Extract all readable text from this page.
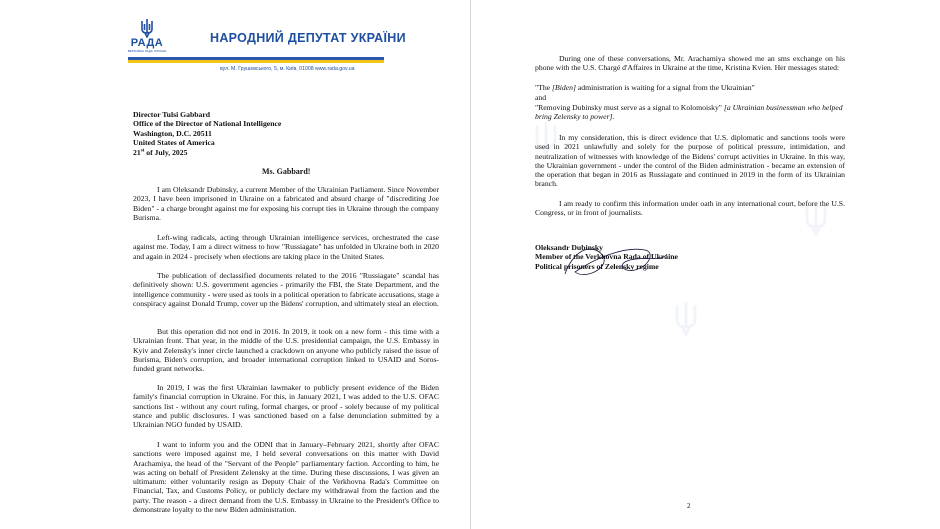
РАДА
ВЕРХОВНА РАДА УКРАЇНИ
НАРОДНИЙ ДЕПУТАТ УКРАЇНИ
вул. М. Грушевського, 5, м. Київ, 01008 www.rada.gov.ua
Director Tulsi Gabbard
Office of the Director of National Intelligence
Washington, D.C. 20511
United States of America
21st of July, 2025
Ms. Gabbard!

I am Oleksandr Dubinsky, a current Member of the Ukrainian Parliament. Since November 2023, I have been imprisoned in Ukraine on a fabricated and absurd charge of "discrediting Joe Biden" - a charge brought against me for exposing his corrupt ties in Ukraine through the company Burisma.

Left-wing radicals, acting through Ukrainian intelligence services, orchestrated the case against me. Today, I am a direct witness to how "Russiagate" has unfolded in Ukraine both in 2020 and again in 2024 - precisely when elections are taking place in the United States.

The publication of declassified documents related to the 2016 "Russiagate" scandal has definitively shown: U.S. government agencies - primarily the FBI, the State Department, and the intelligence community - were used as tools in a political operation to fabricate accusations, stage a conspiracy against Donald Trump, cover up the Bidens' corruption, and ultimately steal an election.

But this operation did not end in 2016. In 2019, it took on a new form - this time with a Ukrainian front. That year, in the middle of the U.S. presidential campaign, the U.S. Embassy in Kyiv and Zelensky's inner circle launched a crackdown on anyone who publicly raised the issue of Burisma, Biden's corruption, and broader international corruption linked to USAID and Soros-funded grant networks.

In 2019, I was the first Ukrainian lawmaker to publicly present evidence of the Biden family's financial corruption in Ukraine. For this, in January 2021, I was added to the U.S. OFAC sanctions list - without any court ruling, formal charges, or proof - solely because of my political stance and public disclosures. I was sanctioned based on a false denunciation submitted by a Ukrainian NGO funded by USAID.

I want to inform you and the ODNI that in January–February 2021, shortly after OFAC sanctions were imposed against me, I held several conversations on this matter with David Arachamiya, the head of the "Servant of the People" parliamentary faction. According to him, he was acting on behalf of President Zelensky at the time. During these discussions, I was given an ultimatum: either voluntarily resign as Deputy Chair of the Verkhovna Rada's Committee on Financial, Tax, and Customs Policy, or publicly declare my withdrawal from the faction and the party. The reason - a direct demand from the U.S. Embassy in Ukraine to the President's Office to demonstrate loyalty to the new Biden administration.

During one of these conversations, Mr. Arachamiya showed me an sms exchange on his phone with the U.S. Chargé d'Affaires in Ukraine at the time, Kristina Kvien. Her messages stated:

"The [Biden] administration is waiting for a signal from the Ukrainian"

and

"Removing Dubinsky must serve as a signal to Kolomoisky" [a Ukrainian businessman who helped bring Zelensky to power].

In my consideration, this is direct evidence that U.S. diplomatic and sanctions tools were used in 2021 unlawfully and solely for the purpose of political pressure, intimidation, and neutralization of witnesses with knowledge of the Bidens' corrupt activities in Ukraine. In this way, the Ukrainian government - under the control of the Biden administration - became an extension of the operation that began in 2016 as Russiagate and continued in 2019 in the form of its Ukrainian branch.

I am ready to confirm this information under oath in any international court, before the U.S. Congress, or in front of journalists.

Oleksandr Dubinsky
Member of the Verkhovna Rada of Ukraine
Political prisoners of Zelensky regime
2
